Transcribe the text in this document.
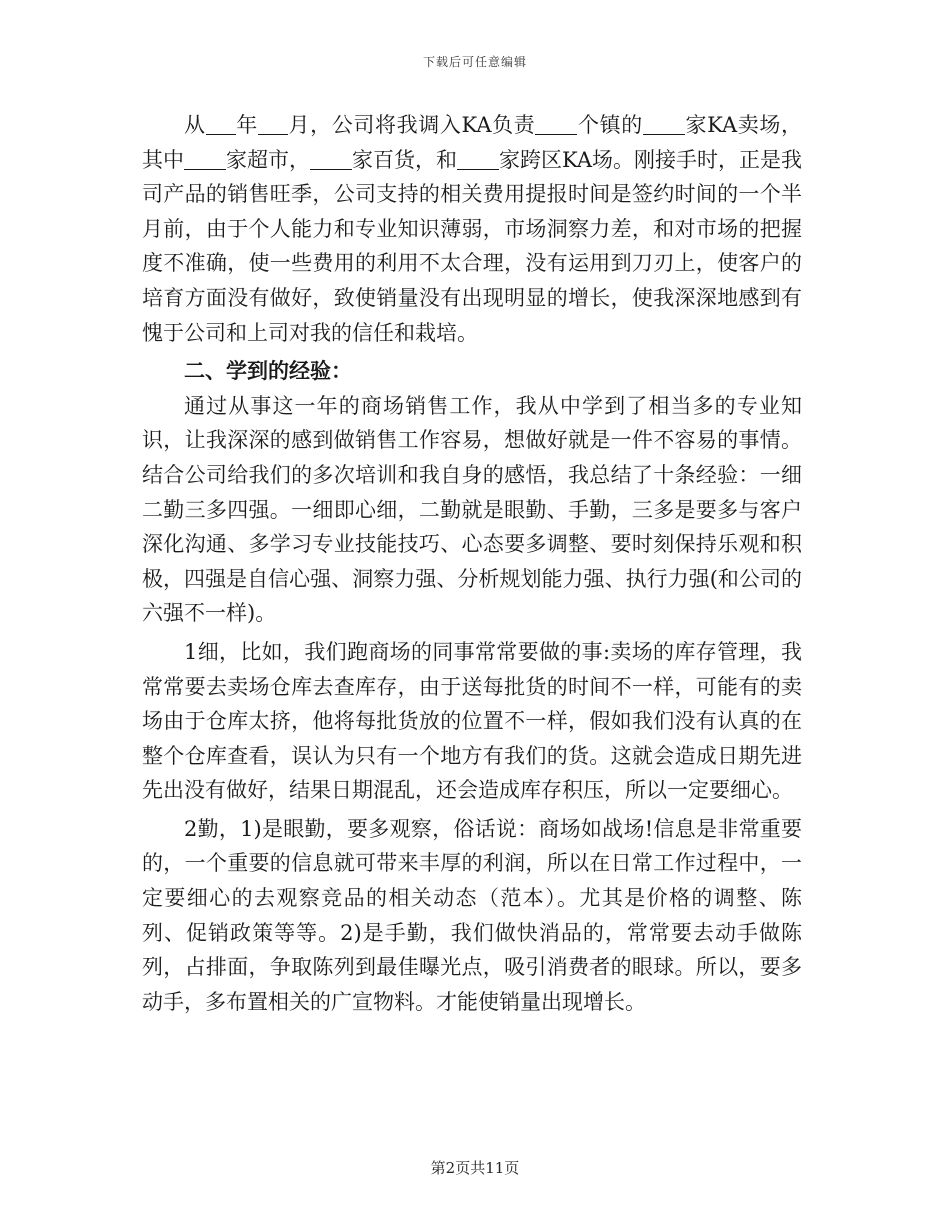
下载后可任意编辑

从 年 月，公司将我调入KA负责 个镇的 家KA卖场，其中 家超市， 家百货，和 家跨区KA场。刚接手时，正是我司产品的销售旺季，公司支持的相关费用提报时间是签约时间的一个半月前，由于个人能力和专业知识薄弱，市场洞察力差，和对市场的把握度不准确，使一些费用的利用不太合理，没有运用到刀刃上，使客户的培育方面没有做好，致使销量没有出现明显的增长，使我深深地感到有愧于公司和上司对我的信任和栽培。

二、学到的经验：

通过从事这一年的商场销售工作，我从中学到了相当多的专业知识，让我深深的感到做销售工作容易，想做好就是一件不容易的事情。结合公司给我们的多次培训和我自身的感悟，我总结了十条经验：一细二勤三多四强。一细即心细，二勤就是眼勤、手勤，三多是要多与客户深化沟通、多学习专业技能技巧、心态要多调整、要时刻保持乐观和积极，四强是自信心强、洞察力强、分析规划能力强、执行力强(和公司的六强不一样)。

1细，比如，我们跑商场的同事常常要做的事:卖场的库存管理，我常常要去卖场仓库去查库存，由于送每批货的时间不一样，可能有的卖场由于仓库太挤，他将每批货放的位置不一样，假如我们没有认真的在整个仓库查看，误认为只有一个地方有我们的货。这就会造成日期先进先出没有做好，结果日期混乱，还会造成库存积压，所以一定要细心。

2勤，1)是眼勤，要多观察，俗话说：商场如战场!信息是非常重要的，一个重要的信息就可带来丰厚的利润，所以在日常工作过程中，一定要细心的去观察竞品的相关动态（范本）。尤其是价格的调整、陈列、促销政策等等。2)是手勤，我们做快消品的，常常要去动手做陈列，占排面，争取陈列到最佳曝光点，吸引消费者的眼球。所以，要多动手，多布置相关的广宣物料。才能使销量出现增长。

第2页共11页
